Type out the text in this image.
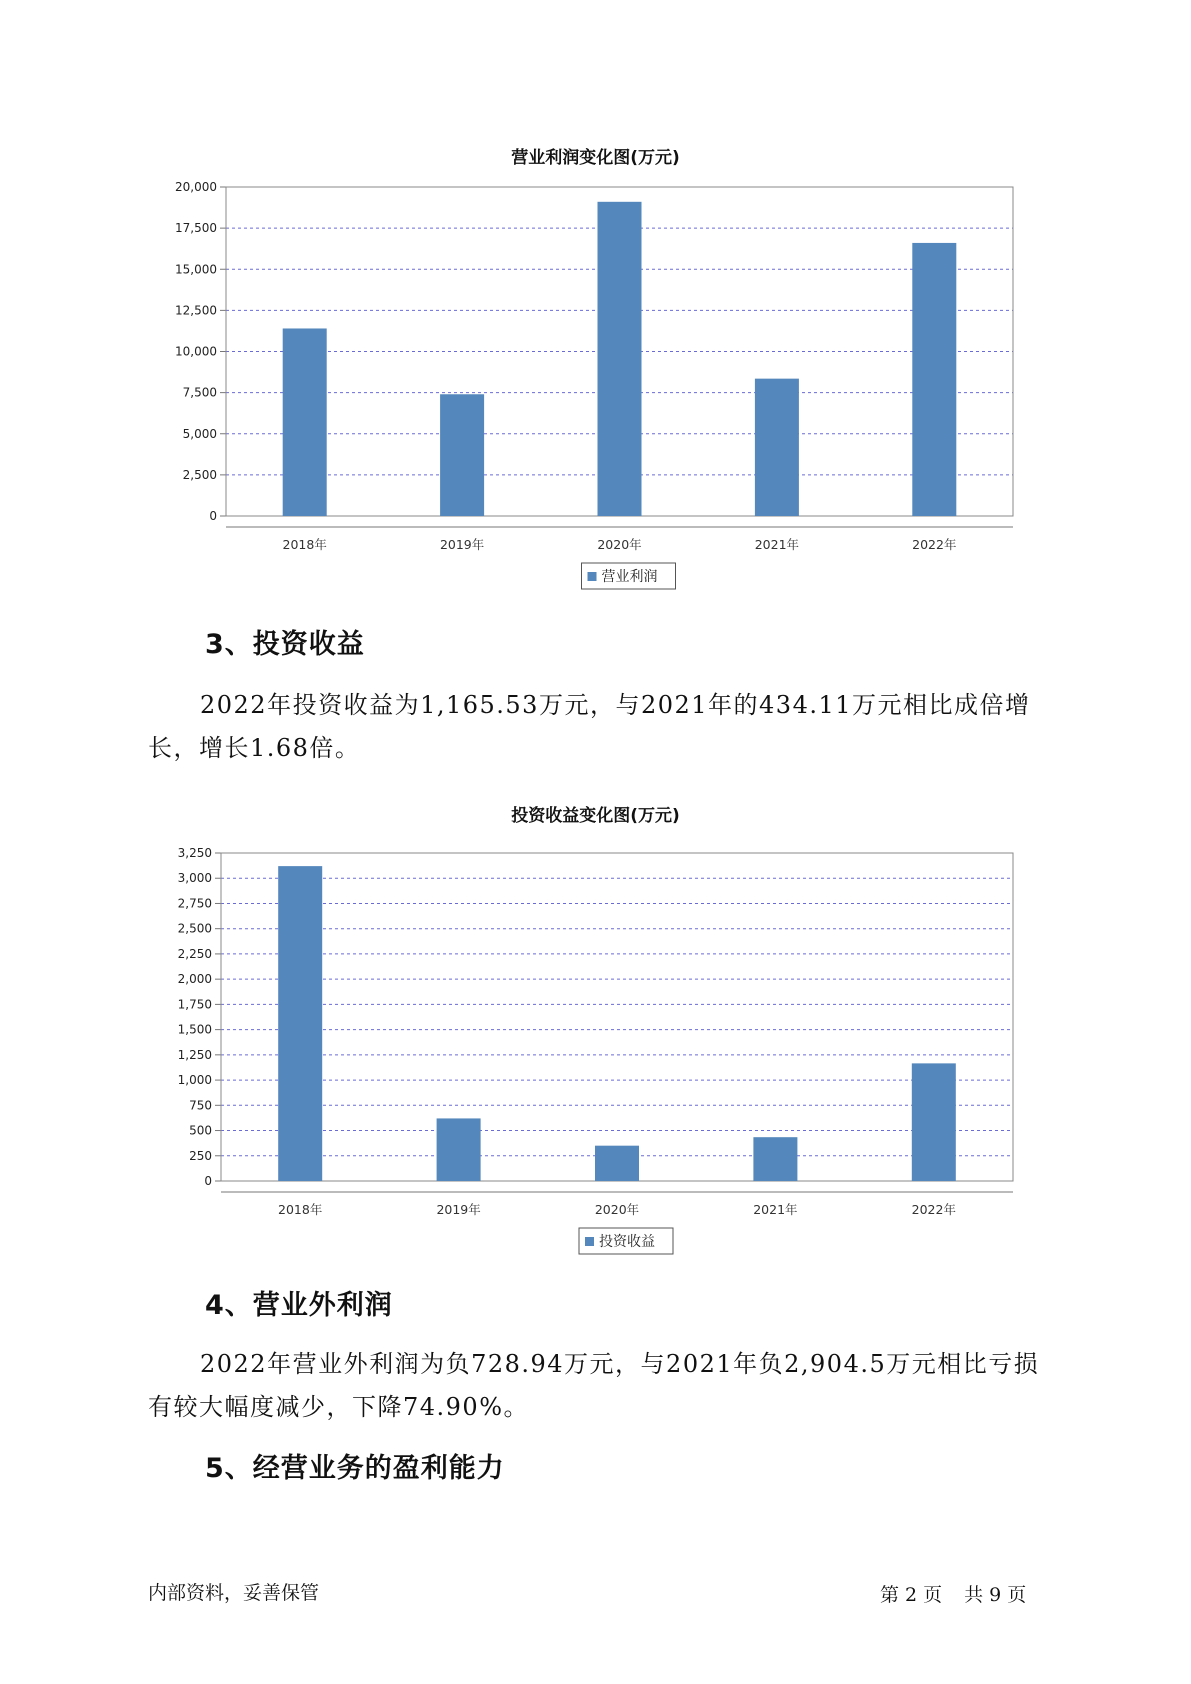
营业利润变化图(万元)
0
2,500
5,000
7,500
10,000
12,500
15,000
17,500
20,000
2018年	2019年	2020年	2021年	2022年
营业利润
3、投资收益

2022年投资收益为1,165.53万元，与2021年的434.11万元相比成倍增长，增长1.68倍。

投资收益变化图(万元)
0
250
500
750
1,000
1,250
1,500
1,750
2,000
2,250
2,500
2,750
3,000
3,250
2018年	2019年	2020年	2021年	2022年
投资收益
4、营业外利润

2022年营业外利润为负728.94万元，与2021年负2,904.5万元相比亏损有较大幅度减少，下降74.90%。

5、经营业务的盈利能力
内部资料，妥善保管	第 2 页 共 9 页
